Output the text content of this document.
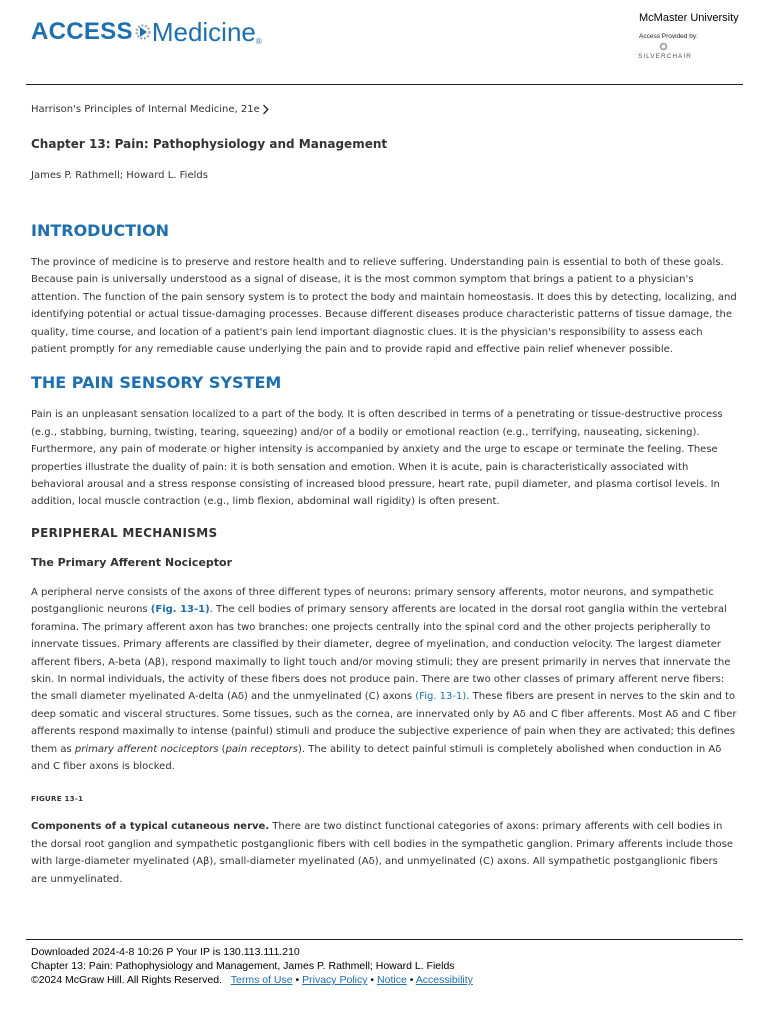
ACCESS Medicine ®
McMaster University
Access Provided by:
SILVERCHAIR
Harrison's Principles of Internal Medicine, 21e
Chapter 13: Pain: Pathophysiology and Management
James P. Rathmell; Howard L. Fields
INTRODUCTION

The province of medicine is to preserve and restore health and to relieve suffering. Understanding pain is essential to both of these goals. Because pain is universally understood as a signal of disease, it is the most common symptom that brings a patient to a physician's attention. The function of the pain sensory system is to protect the body and maintain homeostasis. It does this by detecting, localizing, and identifying potential or actual tissue-damaging processes. Because different diseases produce characteristic patterns of tissue damage, the quality, time course, and location of a patient's pain lend important diagnostic clues. It is the physician's responsibility to assess each patient promptly for any remediable cause underlying the pain and to provide rapid and effective pain relief whenever possible.

THE PAIN SENSORY SYSTEM

Pain is an unpleasant sensation localized to a part of the body. It is often described in terms of a penetrating or tissue-destructive process (e.g., stabbing, burning, twisting, tearing, squeezing) and/or of a bodily or emotional reaction (e.g., terrifying, nauseating, sickening). Furthermore, any pain of moderate or higher intensity is accompanied by anxiety and the urge to escape or terminate the feeling. These properties illustrate the duality of pain: it is both sensation and emotion. When it is acute, pain is characteristically associated with behavioral arousal and a stress response consisting of increased blood pressure, heart rate, pupil diameter, and plasma cortisol levels. In addition, local muscle contraction (e.g., limb flexion, abdominal wall rigidity) is often present.

PERIPHERAL MECHANISMS
The Primary Afferent Nociceptor

A peripheral nerve consists of the axons of three different types of neurons: primary sensory afferents, motor neurons, and sympathetic postganglionic neurons (Fig. 13-1). The cell bodies of primary sensory afferents are located in the dorsal root ganglia within the vertebral foramina. The primary afferent axon has two branches: one projects centrally into the spinal cord and the other projects peripherally to innervate tissues. Primary afferents are classified by their diameter, degree of myelination, and conduction velocity. The largest diameter afferent fibers, A-beta (Aβ), respond maximally to light touch and/or moving stimuli; they are present primarily in nerves that innervate the skin. In normal individuals, the activity of these fibers does not produce pain. There are two other classes of primary afferent nerve fibers: the small diameter myelinated A-delta (Aδ) and the unmyelinated (C) axons (Fig. 13-1). These fibers are present in nerves to the skin and to deep somatic and visceral structures. Some tissues, such as the cornea, are innervated only by Aδ and C fiber afferents. Most Aδ and C fiber afferents respond maximally to intense (painful) stimuli and produce the subjective experience of pain when they are activated; this defines them as primary afferent nociceptors (pain receptors). The ability to detect painful stimuli is completely abolished when conduction in Aδ and C fiber axons is blocked.

FIGURE 13-1

Components of a typical cutaneous nerve. There are two distinct functional categories of axons: primary afferents with cell bodies in the dorsal root ganglion and sympathetic postganglionic fibers with cell bodies in the sympathetic ganglion. Primary afferents include those with large-diameter myelinated (Aβ), small-diameter myelinated (Aδ), and unmyelinated (C) axons. All sympathetic postganglionic fibers are unmyelinated.

Downloaded 2024-4-8 10:26 P Your IP is 130.113.111.210
Chapter 13: Pain: Pathophysiology and Management, James P. Rathmell; Howard L. Fields
©2024 McGraw Hill. All Rights Reserved. Terms of Use • Privacy Policy • Notice • Accessibility
